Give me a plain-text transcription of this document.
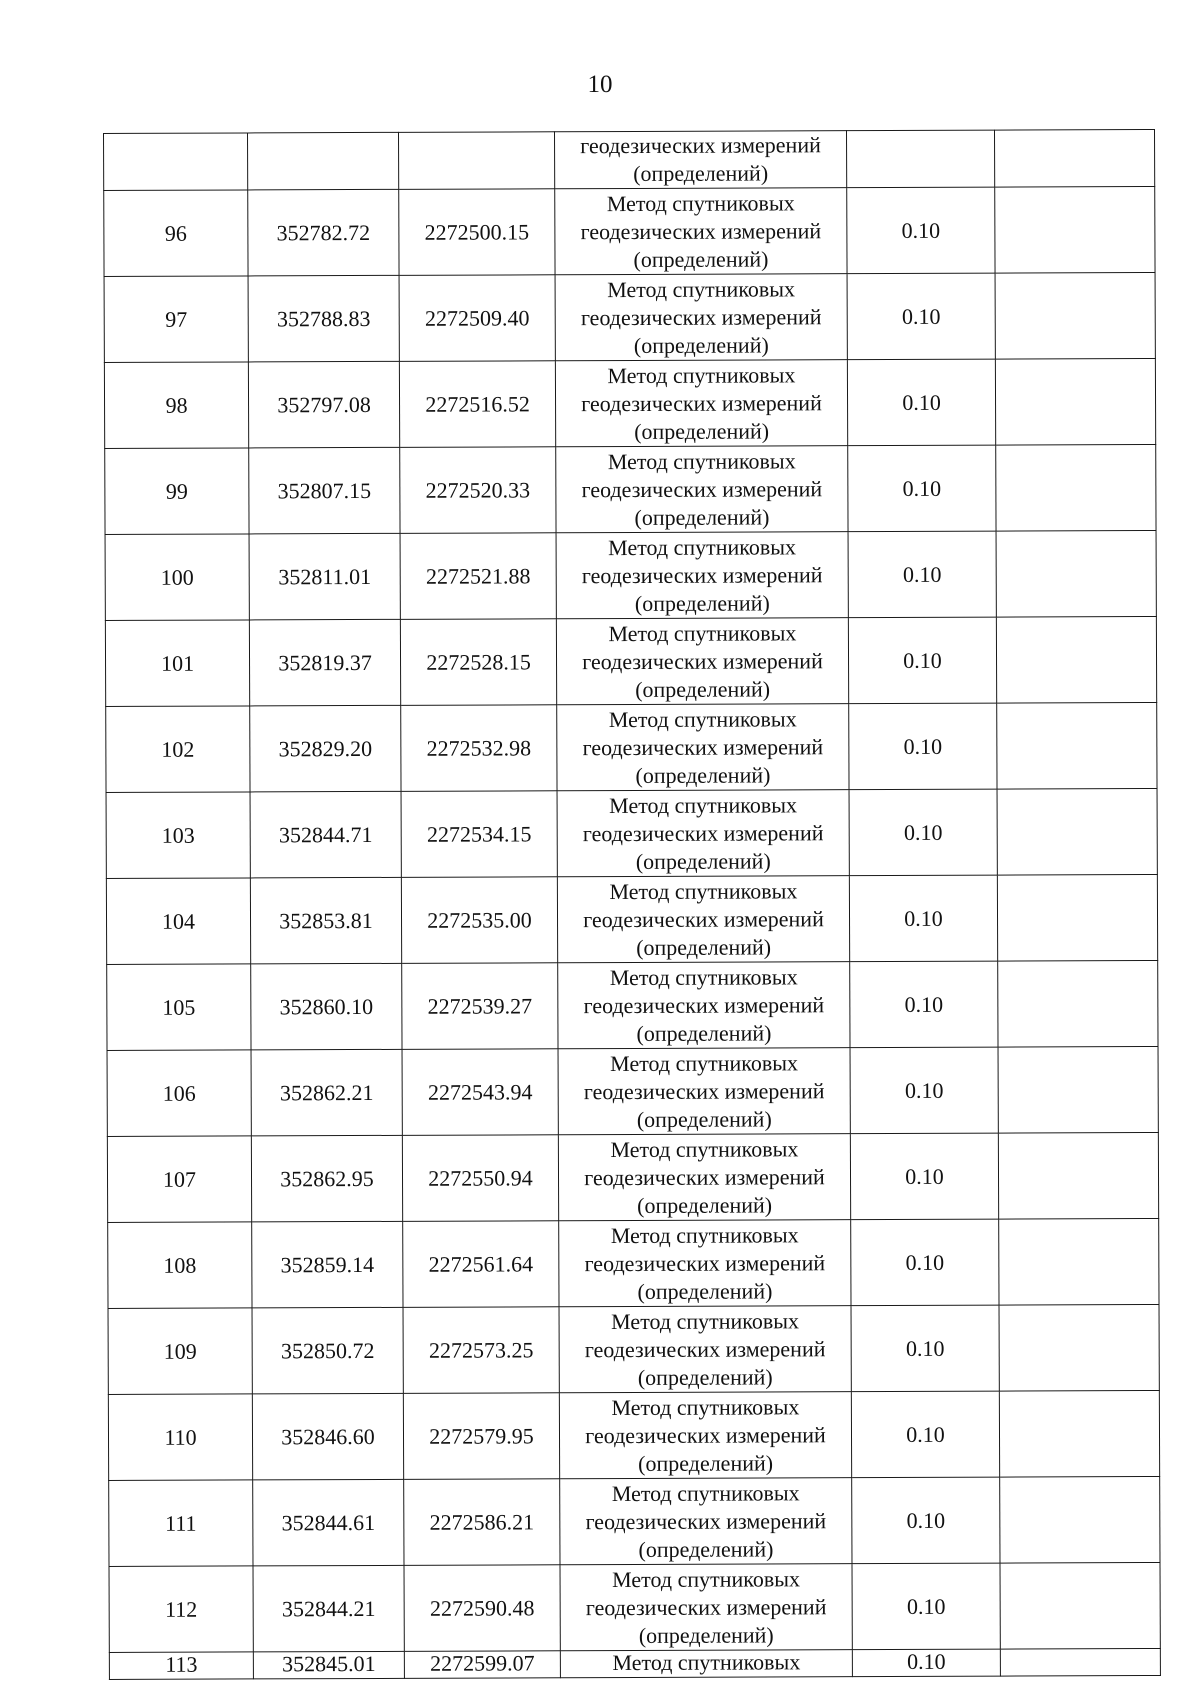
10

			геодезических измерений
(определений)		

96	352782.72	2272500.15	Метод спутниковых
геодезических измерений
(определений)	0.10	
97	352788.83	2272509.40	Метод спутниковых
геодезических измерений
(определений)	0.10	
98	352797.08	2272516.52	Метод спутниковых
геодезических измерений
(определений)	0.10	
99	352807.15	2272520.33	Метод спутниковых
геодезических измерений
(определений)	0.10	
100	352811.01	2272521.88	Метод спутниковых
геодезических измерений
(определений)	0.10	
101	352819.37	2272528.15	Метод спутниковых
геодезических измерений
(определений)	0.10	
102	352829.20	2272532.98	Метод спутниковых
геодезических измерений
(определений)	0.10	
103	352844.71	2272534.15	Метод спутниковых
геодезических измерений
(определений)	0.10	
104	352853.81	2272535.00	Метод спутниковых
геодезических измерений
(определений)	0.10	
105	352860.10	2272539.27	Метод спутниковых
геодезических измерений
(определений)	0.10	
106	352862.21	2272543.94	Метод спутниковых
геодезических измерений
(определений)	0.10	
107	352862.95	2272550.94	Метод спутниковых
геодезических измерений
(определений)	0.10	
108	352859.14	2272561.64	Метод спутниковых
геодезических измерений
(определений)	0.10	
109	352850.72	2272573.25	Метод спутниковых
геодезических измерений
(определений)	0.10	
110	352846.60	2272579.95	Метод спутниковых
геодезических измерений
(определений)	0.10	
111	352844.61	2272586.21	Метод спутниковых
геодезических измерений
(определений)	0.10	
112	352844.21	2272590.48	Метод спутниковых
геодезических измерений
(определений)	0.10	
113	352845.01	2272599.07	Метод спутниковых	0.10	
